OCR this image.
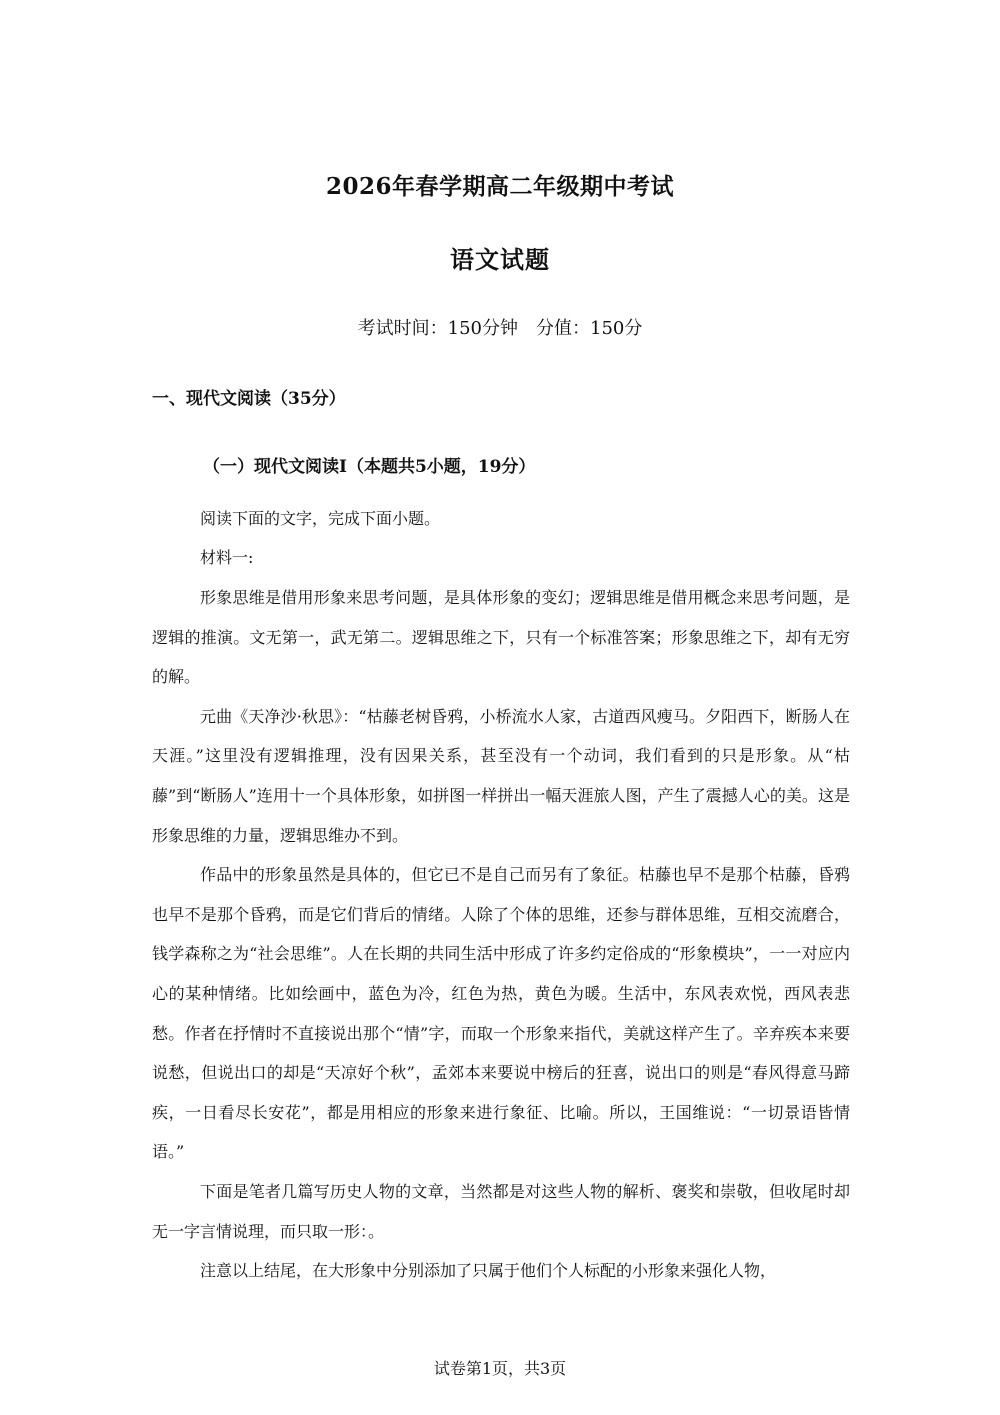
2026年春学期高二年级期中考试
语文试题
考试时间：150分钟 分值：150分
一、现代文阅读（35分）
（一）现代文阅读Ⅰ（本题共5小题，19分）
阅读下面的文字，完成下面小题。
材料一:

形象思维是借用形象来思考问题，是具体形象的变幻；逻辑思维是借用概念来思考问题，是逻辑的推演。文无第一，武无第二。逻辑思维之下，只有一个标准答案；形象思维之下，却有无穷的解。

元曲《天净沙·秋思》：“枯藤老树昏鸦，小桥流水人家，古道西风瘦马。夕阳西下，断肠人在天涯。”这里没有逻辑推理，没有因果关系，甚至没有一个动词，我们看到的只是形象。从“枯藤”到“断肠人”连用十一个具体形象，如拼图一样拼出一幅天涯旅人图，产生了震撼人心的美。这是形象思维的力量，逻辑思维办不到。

作品中的形象虽然是具体的，但它已不是自己而另有了象征。枯藤也早不是那个枯藤，昏鸦也早不是那个昏鸦，而是它们背后的情绪。人除了个体的思维，还参与群体思维，互相交流磨合，钱学森称之为“社会思维”。人在长期的共同生活中形成了许多约定俗成的“形象模块”，一一对应内心的某种情绪。比如绘画中，蓝色为冷，红色为热，黄色为暖。生活中，东风表欢悦，西风表悲愁。作者在抒情时不直接说出那个“情”字，而取一个形象来指代，美就这样产生了。辛弃疾本来要说愁，但说出口的却是“天凉好个秋”，孟郊本来要说中榜后的狂喜，说出口的则是“春风得意马蹄疾，一日看尽长安花”，都是用相应的形象来进行象征、比喻。所以，王国维说：“一切景语皆情语。”

下面是笔者几篇写历史人物的文章，当然都是对这些人物的解析、褒奖和崇敬，但收尾时却无一字言情说理，而只取一形：。

注意以上结尾，在大形象中分别添加了只属于他们个人标配的小形象来强化人物，

试卷第1页，共3页
